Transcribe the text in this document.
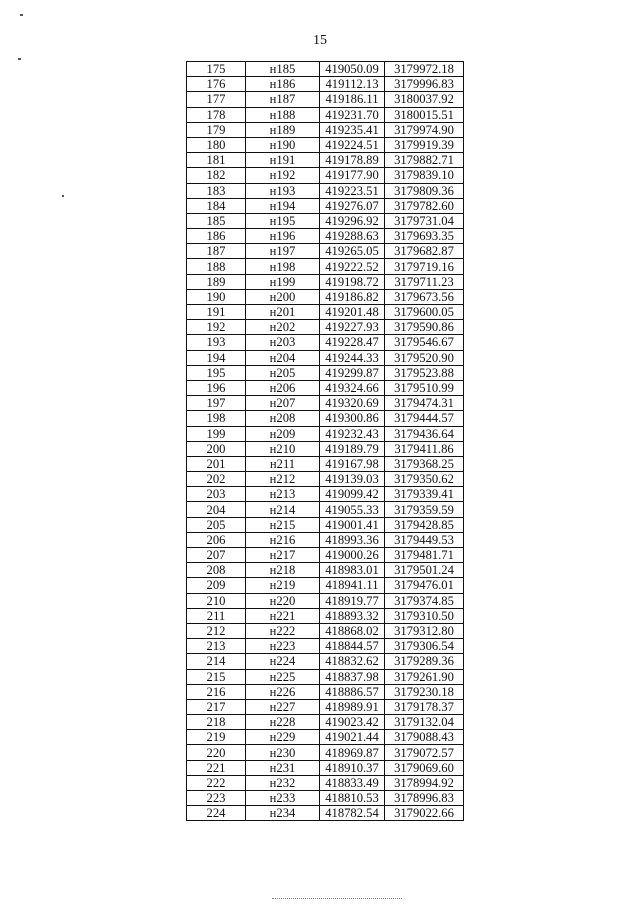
15
175	н185	419050.09	3179972.18
176	н186	419112.13	3179996.83
177	н187	419186.11	3180037.92
178	н188	419231.70	3180015.51
179	н189	419235.41	3179974.90
180	н190	419224.51	3179919.39
181	н191	419178.89	3179882.71
182	н192	419177.90	3179839.10
183	н193	419223.51	3179809.36
184	н194	419276.07	3179782.60
185	н195	419296.92	3179731.04
186	н196	419288.63	3179693.35
187	н197	419265.05	3179682.87
188	н198	419222.52	3179719.16
189	н199	419198.72	3179711.23
190	н200	419186.82	3179673.56
191	н201	419201.48	3179600.05
192	н202	419227.93	3179590.86
193	н203	419228.47	3179546.67
194	н204	419244.33	3179520.90
195	н205	419299.87	3179523.88
196	н206	419324.66	3179510.99
197	н207	419320.69	3179474.31
198	н208	419300.86	3179444.57
199	н209	419232.43	3179436.64
200	н210	419189.79	3179411.86
201	н211	419167.98	3179368.25
202	н212	419139.03	3179350.62
203	н213	419099.42	3179339.41
204	н214	419055.33	3179359.59
205	н215	419001.41	3179428.85
206	н216	418993.36	3179449.53
207	н217	419000.26	3179481.71
208	н218	418983.01	3179501.24
209	н219	418941.11	3179476.01
210	н220	418919.77	3179374.85
211	н221	418893.32	3179310.50
212	н222	418868.02	3179312.80
213	н223	418844.57	3179306.54
214	н224	418832.62	3179289.36
215	н225	418837.98	3179261.90
216	н226	418886.57	3179230.18
217	н227	418989.91	3179178.37
218	н228	419023.42	3179132.04
219	н229	419021.44	3179088.43
220	н230	418969.87	3179072.57
221	н231	418910.37	3179069.60
222	н232	418833.49	3178994.92
223	н233	418810.53	3178996.83
224	н234	418782.54	3179022.66
